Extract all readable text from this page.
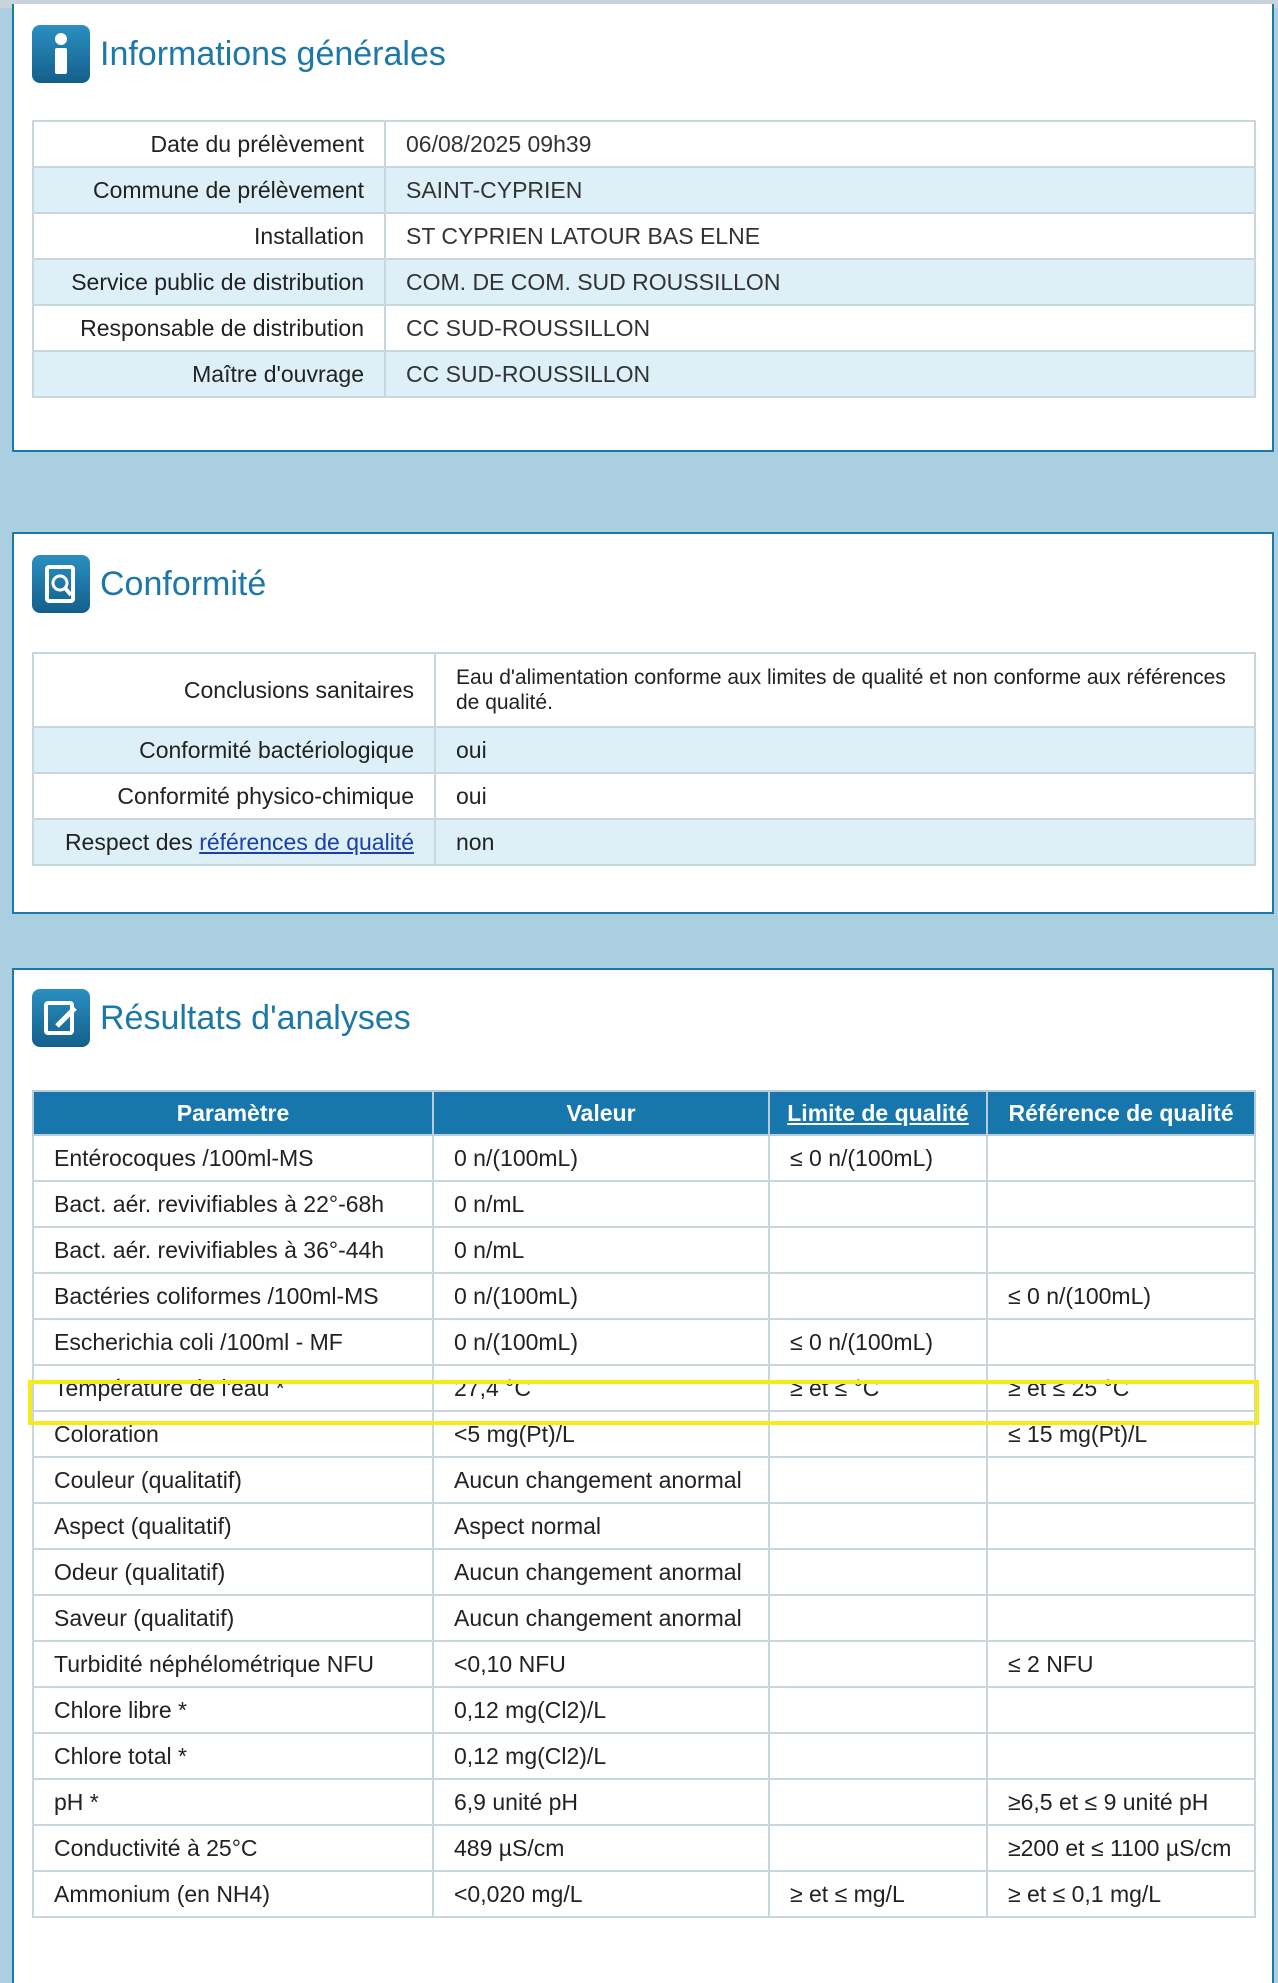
Informations générales
Date du prélèvement	06/08/2025 09h39
Commune de prélèvement	SAINT-CYPRIEN
Installation	ST CYPRIEN LATOUR BAS ELNE
Service public de distribution	COM. DE COM. SUD ROUSSILLON
Responsable de distribution	CC SUD-ROUSSILLON
Maître d'ouvrage	CC SUD-ROUSSILLON
Conformité
Conclusions sanitaires	Eau d'alimentation conforme aux limites de qualité et non conforme aux références de qualité.
Conformité bactériologique	oui
Conformité physico-chimique	oui
Respect des références de qualité	non
Résultats d'analyses
Paramètre	Valeur	Limite de qualité	Référence de qualité
Entérocoques /100ml-MS	0 n/(100mL)	≤ 0 n/(100mL)	
Bact. aér. revivifiables à 22°-68h	0 n/mL		
Bact. aér. revivifiables à 36°-44h	0 n/mL		
Bactéries coliformes /100ml-MS	0 n/(100mL)		≤ 0 n/(100mL)
Escherichia coli /100ml - MF	0 n/(100mL)	≤ 0 n/(100mL)	
Température de l'eau *	27,4 °C	≥ et ≤ °C	≥ et ≤ 25 °C
Coloration	<5 mg(Pt)/L		≤ 15 mg(Pt)/L
Couleur (qualitatif)	Aucun changement anormal		
Aspect (qualitatif)	Aspect normal		
Odeur (qualitatif)	Aucun changement anormal		
Saveur (qualitatif)	Aucun changement anormal		
Turbidité néphélométrique NFU	<0,10 NFU		≤ 2 NFU
Chlore libre *	0,12 mg(Cl2)/L		
Chlore total *	0,12 mg(Cl2)/L		
pH *	6,9 unité pH		≥6,5 et ≤ 9 unité pH
Conductivité à 25°C	489 µS/cm		≥200 et ≤ 1100 µS/cm
Ammonium (en NH4)	<0,020 mg/L	≥ et ≤ mg/L	≥ et ≤ 0,1 mg/L
